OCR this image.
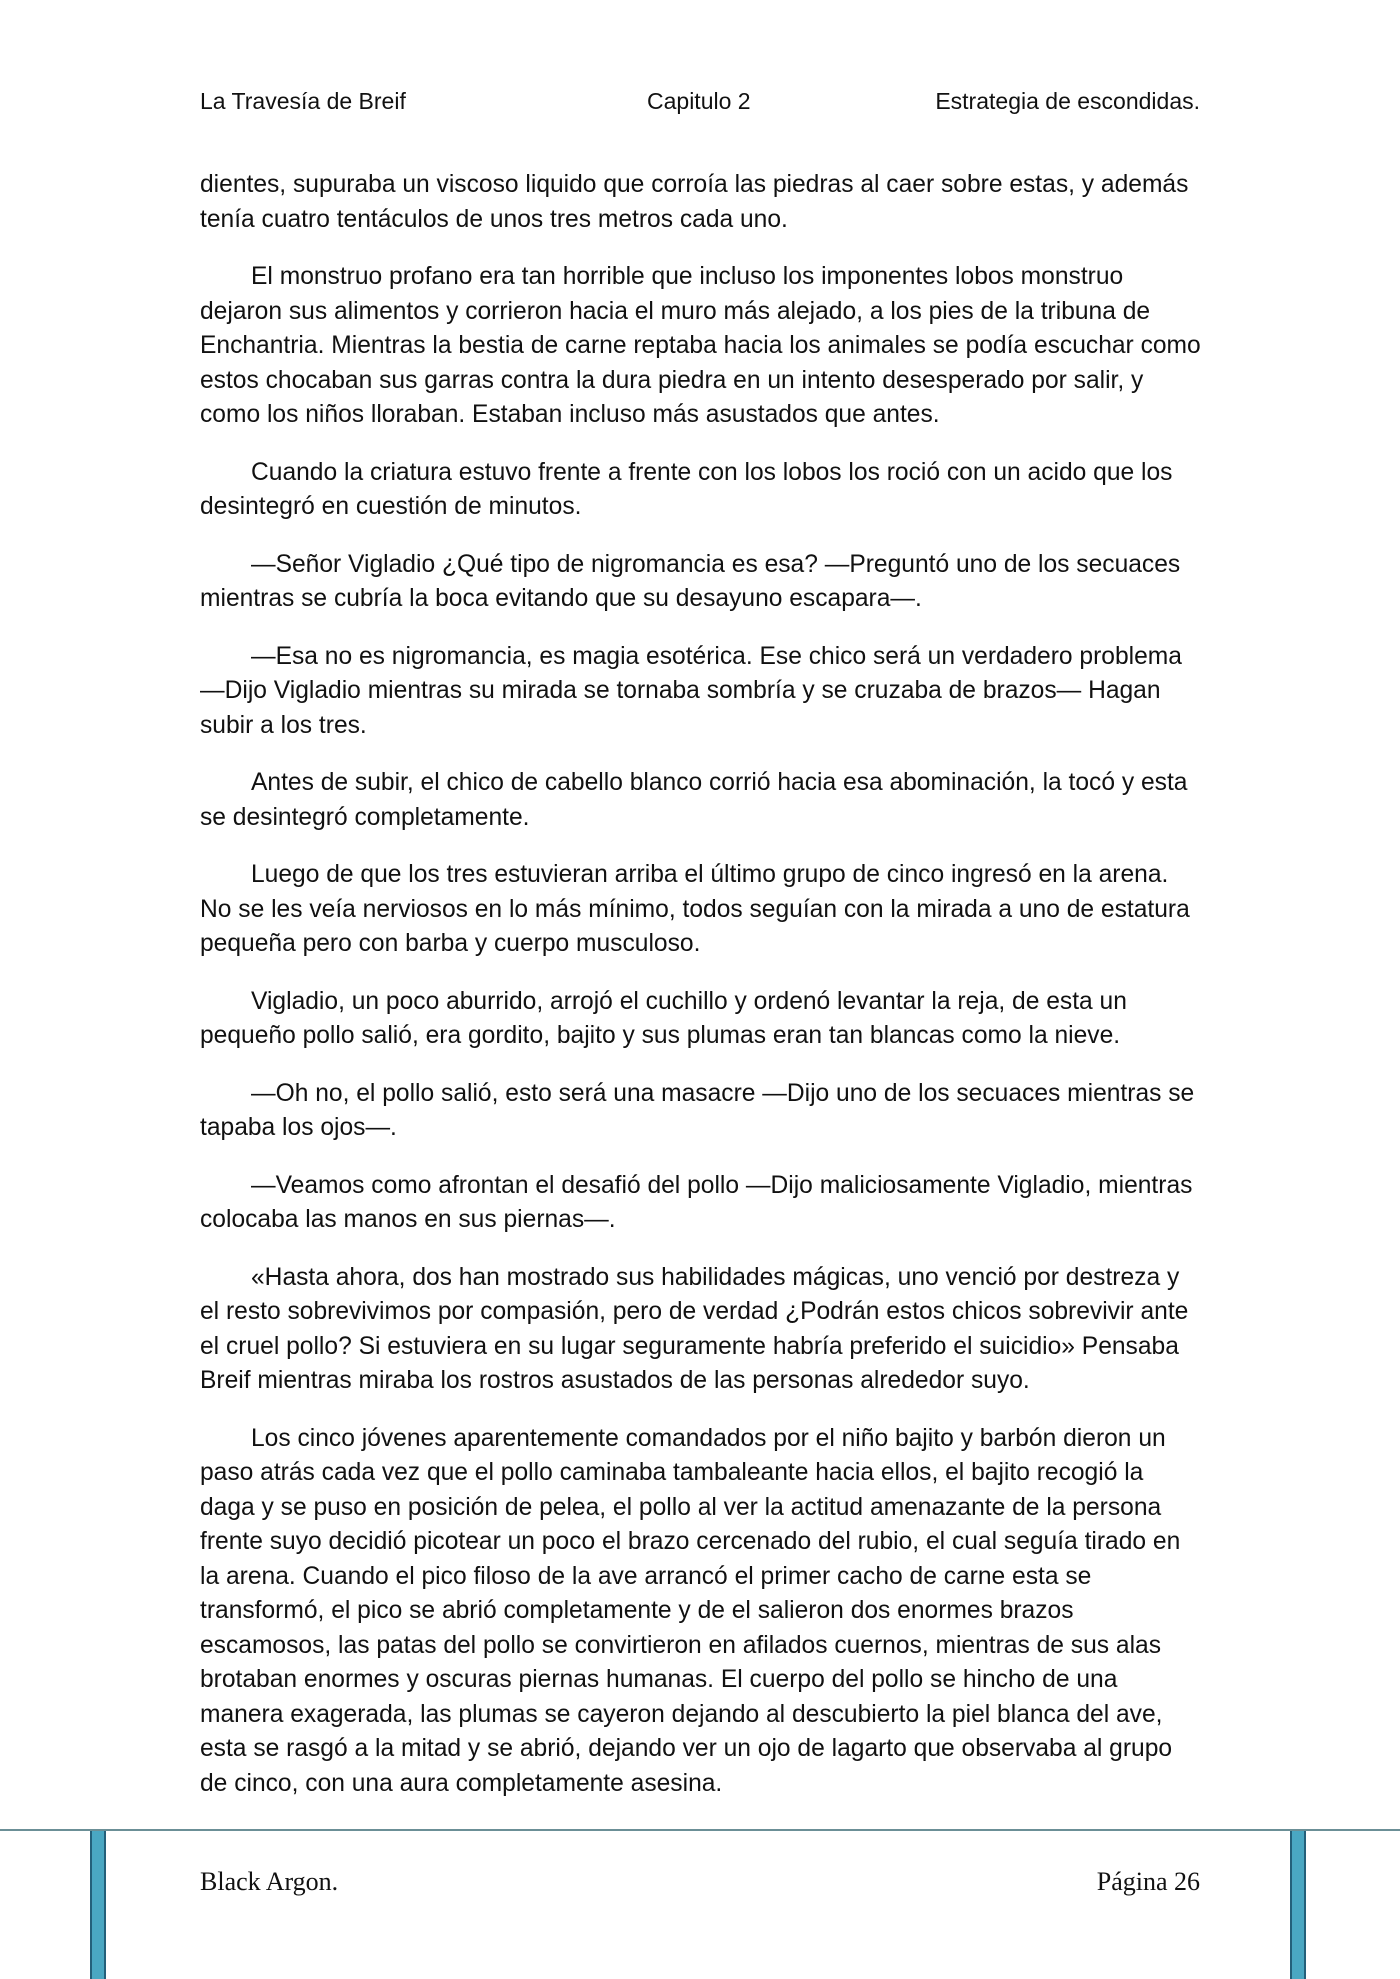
La Travesía de Breif	Capitulo 2	Estrategia de escondidas.

dientes, supuraba un viscoso liquido que corroía las piedras al caer sobre estas, y además tenía cuatro tentáculos de unos tres metros cada uno.

El monstruo profano era tan horrible que incluso los imponentes lobos monstruo dejaron sus alimentos y corrieron hacia el muro más alejado, a los pies de la tribuna de Enchantria. Mientras la bestia de carne reptaba hacia los animales se podía escuchar como estos chocaban sus garras contra la dura piedra en un intento desesperado por salir, y como los niños lloraban. Estaban incluso más asustados que antes.

Cuando la criatura estuvo frente a frente con los lobos los roció con un acido que los desintegró en cuestión de minutos.

—Señor Vigladio ¿Qué tipo de nigromancia es esa? —Preguntó uno de los secuaces mientras se cubría la boca evitando que su desayuno escapara—.

—Esa no es nigromancia, es magia esotérica. Ese chico será un verdadero problema —Dijo Vigladio mientras su mirada se tornaba sombría y se cruzaba de brazos— Hagan subir a los tres.

Antes de subir, el chico de cabello blanco corrió hacia esa abominación, la tocó y esta se desintegró completamente.

Luego de que los tres estuvieran arriba el último grupo de cinco ingresó en la arena. No se les veía nerviosos en lo más mínimo, todos seguían con la mirada a uno de estatura pequeña pero con barba y cuerpo musculoso.

Vigladio, un poco aburrido, arrojó el cuchillo y ordenó levantar la reja, de esta un pequeño pollo salió, era gordito, bajito y sus plumas eran tan blancas como la nieve.

—Oh no, el pollo salió, esto será una masacre —Dijo uno de los secuaces mientras se tapaba los ojos—.

—Veamos como afrontan el desafió del pollo —Dijo maliciosamente Vigladio, mientras colocaba las manos en sus piernas—.

«Hasta ahora, dos han mostrado sus habilidades mágicas, uno venció por destreza y el resto sobrevivimos por compasión, pero de verdad ¿Podrán estos chicos sobrevivir ante el cruel pollo? Si estuviera en su lugar seguramente habría preferido el suicidio» Pensaba Breif mientras miraba los rostros asustados de las personas alrededor suyo.

Los cinco jóvenes aparentemente comandados por el niño bajito y barbón dieron un paso atrás cada vez que el pollo caminaba tambaleante hacia ellos, el bajito recogió la daga y se puso en posición de pelea, el pollo al ver la actitud amenazante de la persona frente suyo decidió picotear un poco el brazo cercenado del rubio, el cual seguía tirado en la arena. Cuando el pico filoso de la ave arrancó el primer cacho de carne esta se transformó, el pico se abrió completamente y de el salieron dos enormes brazos escamosos, las patas del pollo se convirtieron en afilados cuernos, mientras de sus alas brotaban enormes y oscuras piernas humanas. El cuerpo del pollo se hincho de una manera exagerada, las plumas se cayeron dejando al descubierto la piel blanca del ave, esta se rasgó a la mitad y se abrió, dejando ver un ojo de lagarto que observaba al grupo de cinco, con una aura completamente asesina.

Black Argon.	Página 26
